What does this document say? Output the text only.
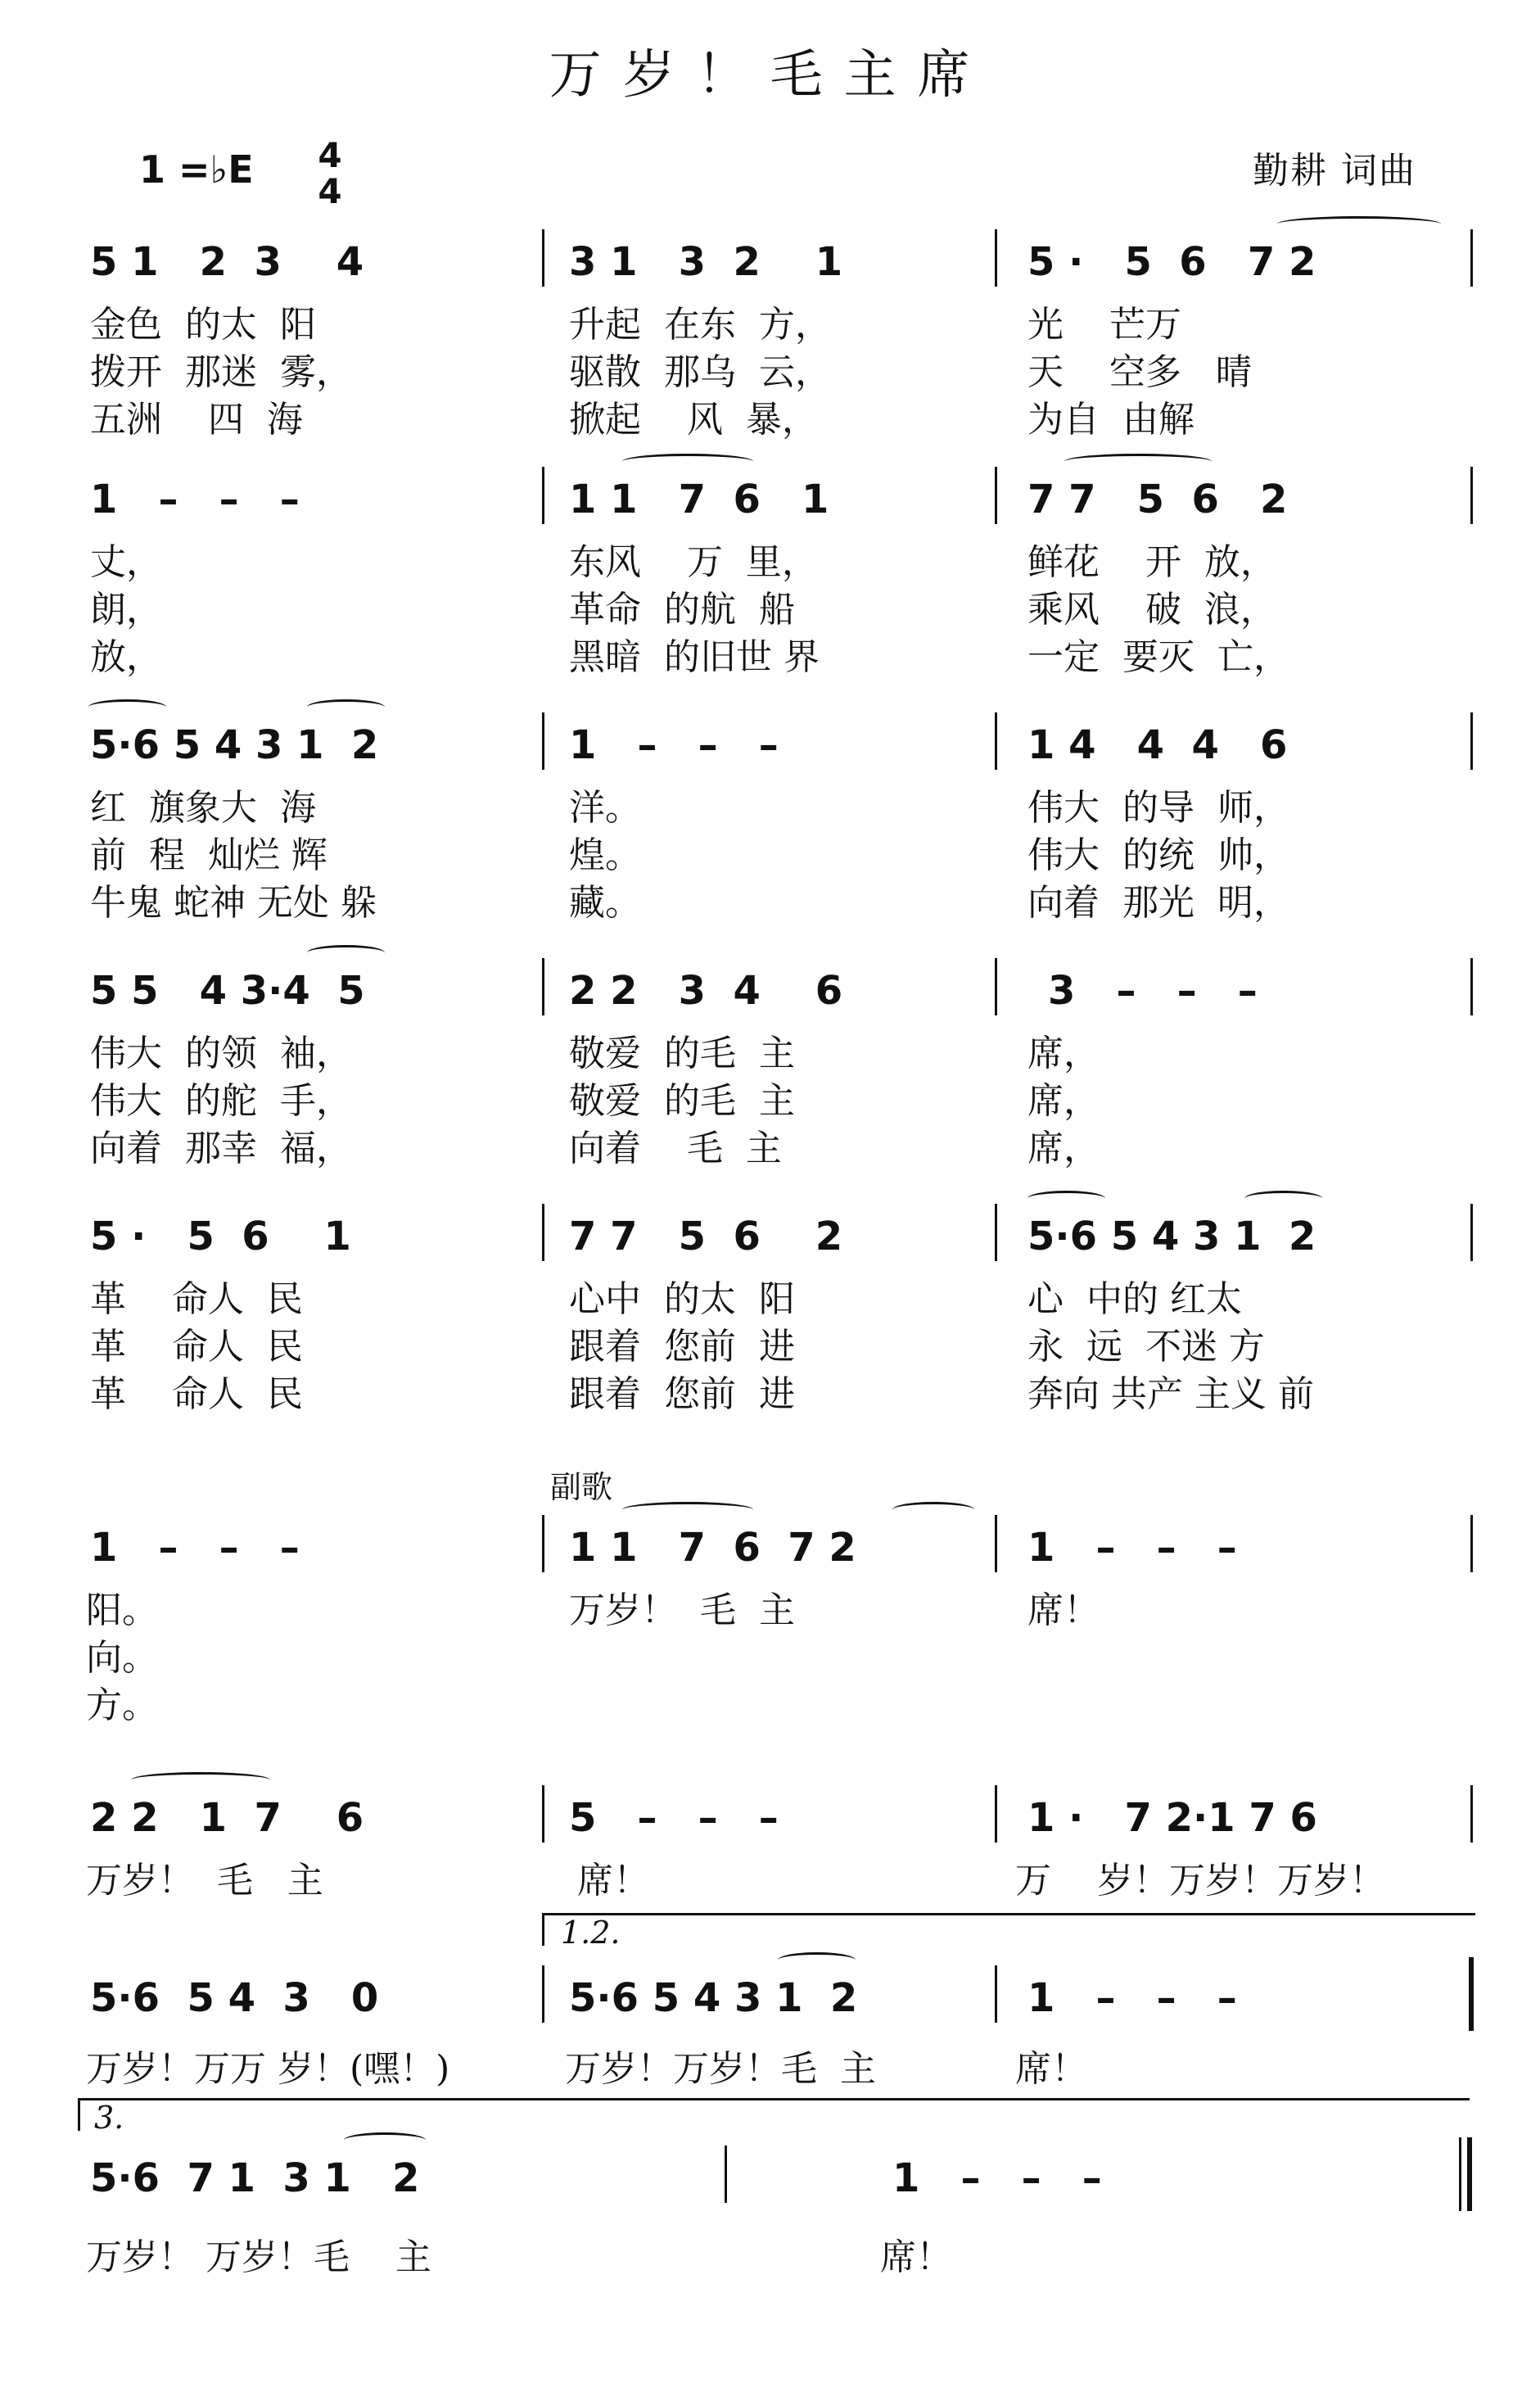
万岁！毛主席
1 =♭E 4
4	勤耕 词曲
5 1   2  3    4	3 1   3  2    1	5 ·   5  6   7 2
金色  的太  阳	升起  在东  方，	光    芒万
拨开  那迷  雾，	驱散  那乌  云，	天    空多   晴
五洲    四  海	掀起    风  暴，	为自  由解
1   –   –   –	1 1   7  6   1	7 7   5  6   2
丈，	东风    万  里，	鲜花    开  放，
朗，	革命  的航  船	乘风    破  浪，
放，	黑暗  的旧世 界	一定  要灭  亡，
5·6 5 4 3 1  2	1   –   –   –	1 4   4  4   6
红  旗象大  海	洋。	伟大  的导  师，
前  程  灿烂 辉	煌。	伟大  的统  帅，
牛鬼 蛇神 无处 躲	藏。	向着  那光  明，
5 5   4 3·4  5	2 2   3  4    6	3   –   –   –
伟大  的领  袖，	敬爱  的毛  主	席，
伟大  的舵  手，	敬爱  的毛  主	席，
向着  那幸  福，	向着    毛  主	席，
5 ·   5  6    1	7 7   5  6    2	5·6 5 4 3 1  2
革    命人  民	心中  的太  阳	心  中的 红太
革    命人  民	跟着  您前  进	永  远  不迷 方
革    命人  民	跟着  您前  进	奔向 共产 主义 前
副歌
1   –   –   –	1 1   7  6  7 2	1   –   –   –
阳。	万岁！  毛  主	席！
向。
方。
2 2   1  7    6	5   –   –   –	1 ·   7 2·1 7 6
万岁！  毛   主	席！	万    岁！万岁！万岁！
1.2.
5·6  5 4  3   0	5·6 5 4 3 1  2	1   –   –   –
万岁！万万 岁！(嘿！)	万岁！万岁！毛  主	席！
3.
5·6  7 1  3 1   2	1   –   –   –
万岁！ 万岁！毛    主	席！
